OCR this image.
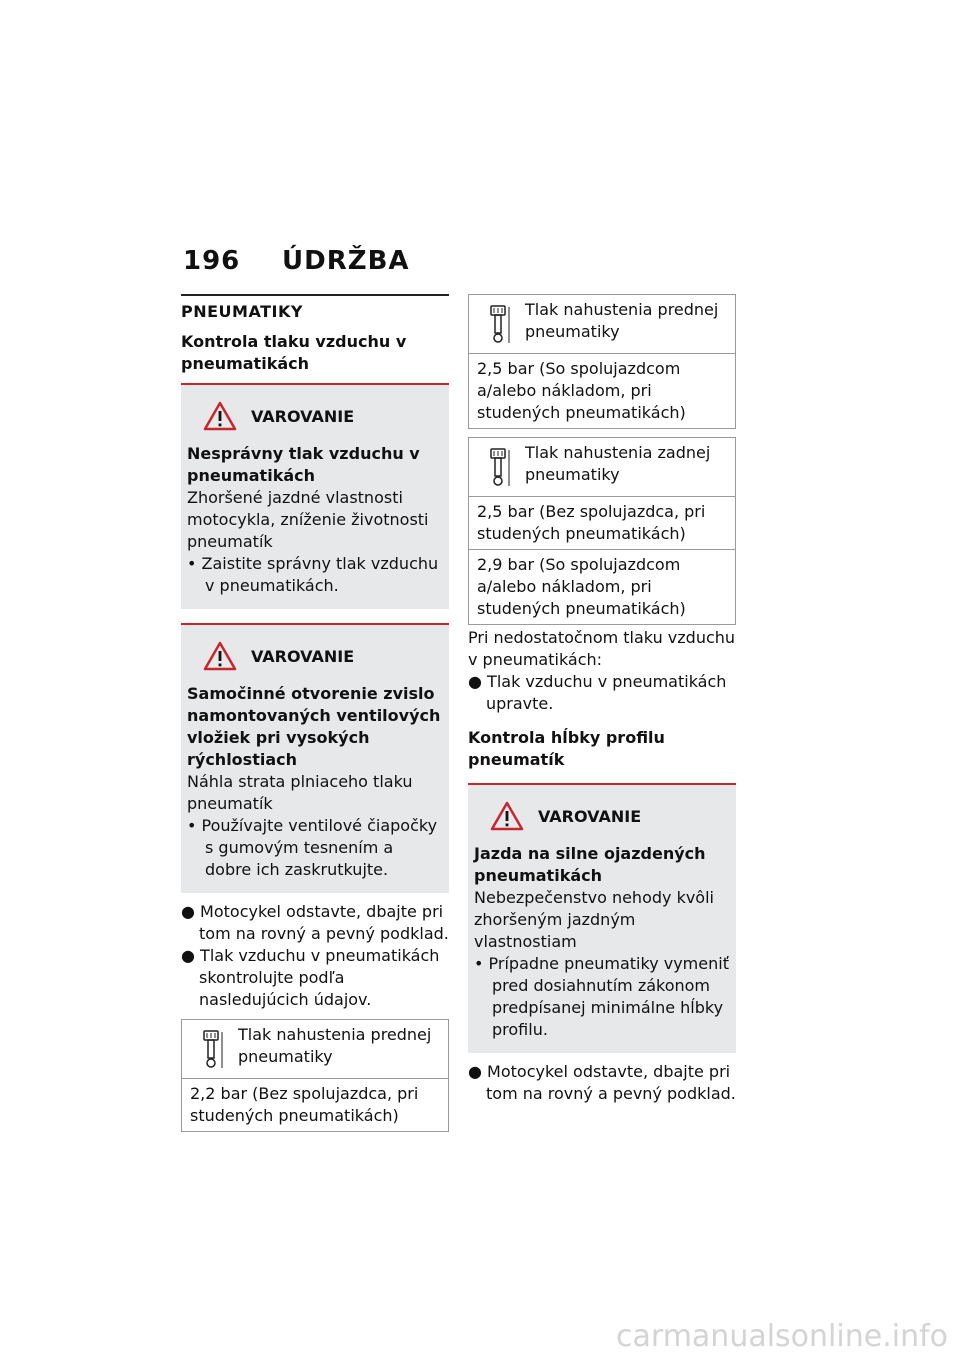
196 ÚDRŽBA
PNEUMATIKY
Kontrola tlaku vzduchu v pneumatikách
VAROVANIE
Nesprávny tlak vzduchu v pneumatikách
Zhoršené jazdné vlastnosti motocykla, zníženie životnosti pneumatík
• Zaistite správny tlak vzduchu v pneumatikách.
VAROVANIE
Samočinné otvorenie zvislo namontovaných ventilových vložiek pri vysokých rýchlostiach
Náhla strata plniaceho tlaku pneumatík
• Používajte ventilové čiapočky s gumovým tesnením a dobre ich zaskrutkujte.
● Motocykel odstavte, dbajte pri tom na rovný a pevný podklad.
● Tlak vzduchu v pneumatikách skontrolujte podľa nasledujúcich údajov.
Tlak nahustenia prednej pneumatiky
2,2 bar (Bez spolujazdca, pri studených pneumatikách)
Tlak nahustenia prednej pneumatiky
2,5 bar (So spolujazdcom a/alebo nákladom, pri studených pneumatikách)
Tlak nahustenia zadnej pneumatiky
2,5 bar (Bez spolujazdca, pri studených pneumatikách)
2,9 bar (So spolujazdcom a/alebo nákladom, pri studených pneumatikách)
Pri nedostatočnom tlaku vzduchu v pneumatikách:
● Tlak vzduchu v pneumatikách upravte.
Kontrola hĺbky profilu pneumatík
VAROVANIE
Jazda na silne ojazdených pneumatikách
Nebezpečenstvo nehody kvôli zhoršeným jazdným vlastnostiam
• Prípadne pneumatiky vymeniť pred dosiahnutím zákonom predpísanej minimálne hĺbky profilu.
● Motocykel odstavte, dbajte pri tom na rovný a pevný podklad.
carmanualsonline.info
